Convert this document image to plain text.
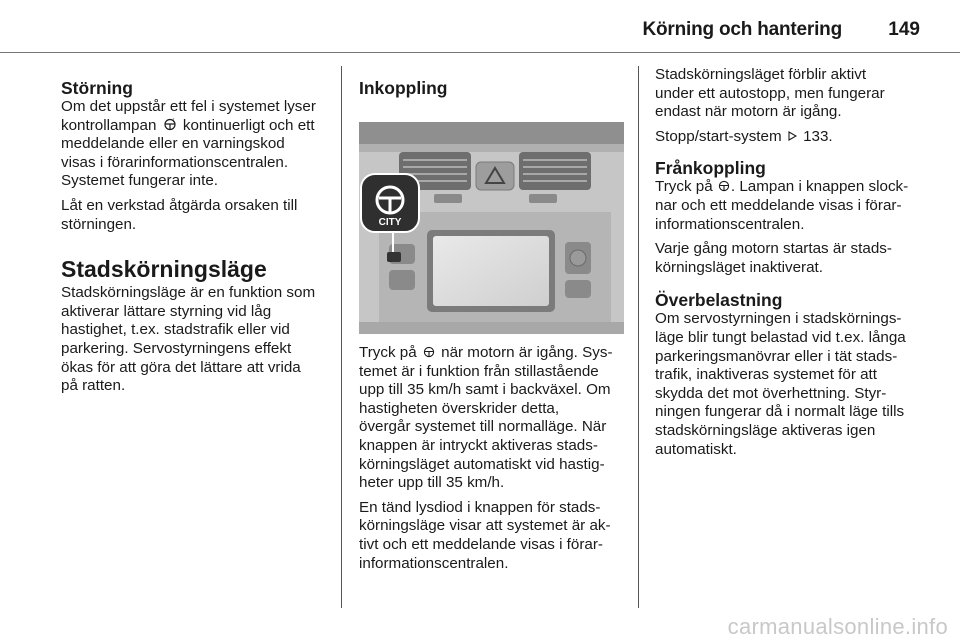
Körning och hantering 149
Störning

Om det uppstår ett fel i systemet lyser
kontrollampan	! kontinuerligt och ett
meddelande eller en varningskod
visas i förarinformationscentralen.
Systemet fungerar inte.

Låt en verkstad åtgärda orsaken till
störningen.

Stadskörningsläge

Stadskörningsläge är en funktion som
aktiverar lättare styrning vid låg
hastighet, t.ex. stadstrafik eller vid
parkering. Servostyrningens effekt
ökas för att göra det lättare att vrida
på ratten.

Inkoppling
CITY

Tryck på när motorn är igång. Sys-
temet är i funktion från stillastående
upp till 35 km/h samt i backväxel. Om
hastigheten överskrider detta,
övergår systemet till normalläge. När
knappen är intryckt aktiveras stads-
körningsläget automatiskt vid hastig-
heter upp till 35 km/h.

En tänd lysdiod i knappen för stads-
körningsläge visar att systemet är ak-
tivt och ett meddelande visas i förar-
informationscentralen.

Stadskörningsläget förblir aktivt
under ett autostopp, men fungerar
endast när motorn är igång.

Stopp/start-system 133.

Frånkoppling

Tryck på . Lampan i knappen slock-
nar och ett meddelande visas i förar-
informationscentralen.

Varje gång motorn startas är stads-
körningsläget inaktiverat.

Överbelastning

Om servostyrningen i stadskörnings-
läge blir tungt belastad vid t.ex. långa
parkeringsmanövrar eller i tät stads-
trafik, inaktiveras systemet för att
skydda det mot överhettning. Styr-
ningen fungerar då i normalt läge tills
stadskörningsläge aktiveras igen
automatiskt.

carmanualsonline.info
